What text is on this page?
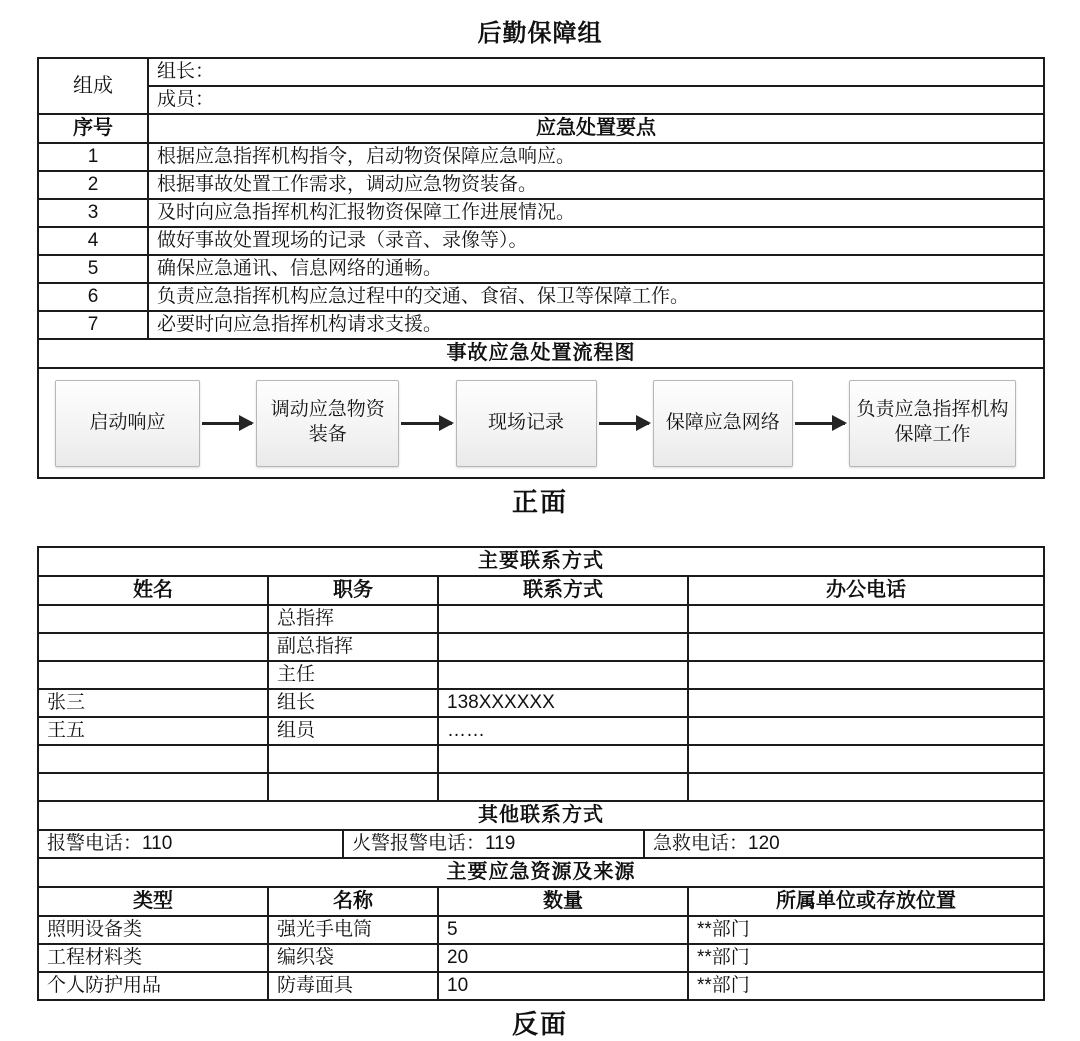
后勤保障组
组成	组长：
	成员：
序号	应急处置要点
1	根据应急指挥机构指令，启动物资保障应急响应。
2	根据事故处置工作需求，调动应急物资装备。
3	及时向应急指挥机构汇报物资保障工作进展情况。
4	做好事故处置现场的记录（录音、录像等）。
5	确保应急通讯、信息网络的通畅。
6	负责应急指挥机构应急过程中的交通、食宿、保卫等保障工作。
7	必要时向应急指挥机构请求支援。
事故应急处置流程图	

启动响应
调动应急物资装备
现场记录 保障应急网络
负责应急指挥机构保障工作	
正面
主要联系方式					
姓名	职务		联系方式		办公电话
	总指挥				
	副总指挥				
	主任				
张三	组长		138XXXXXX		
王五	组员		……		

其他联系方式					
报警电话：110		火警报警电话：119		急救电话：120	
主要应急资源及来源					
类型	名称		数量		所属单位或存放位置
照明设备类	强光手电筒		5		**部门
工程材料类	编织袋		20		**部门
个人防护用品	防毒面具		10		**部门
反面
